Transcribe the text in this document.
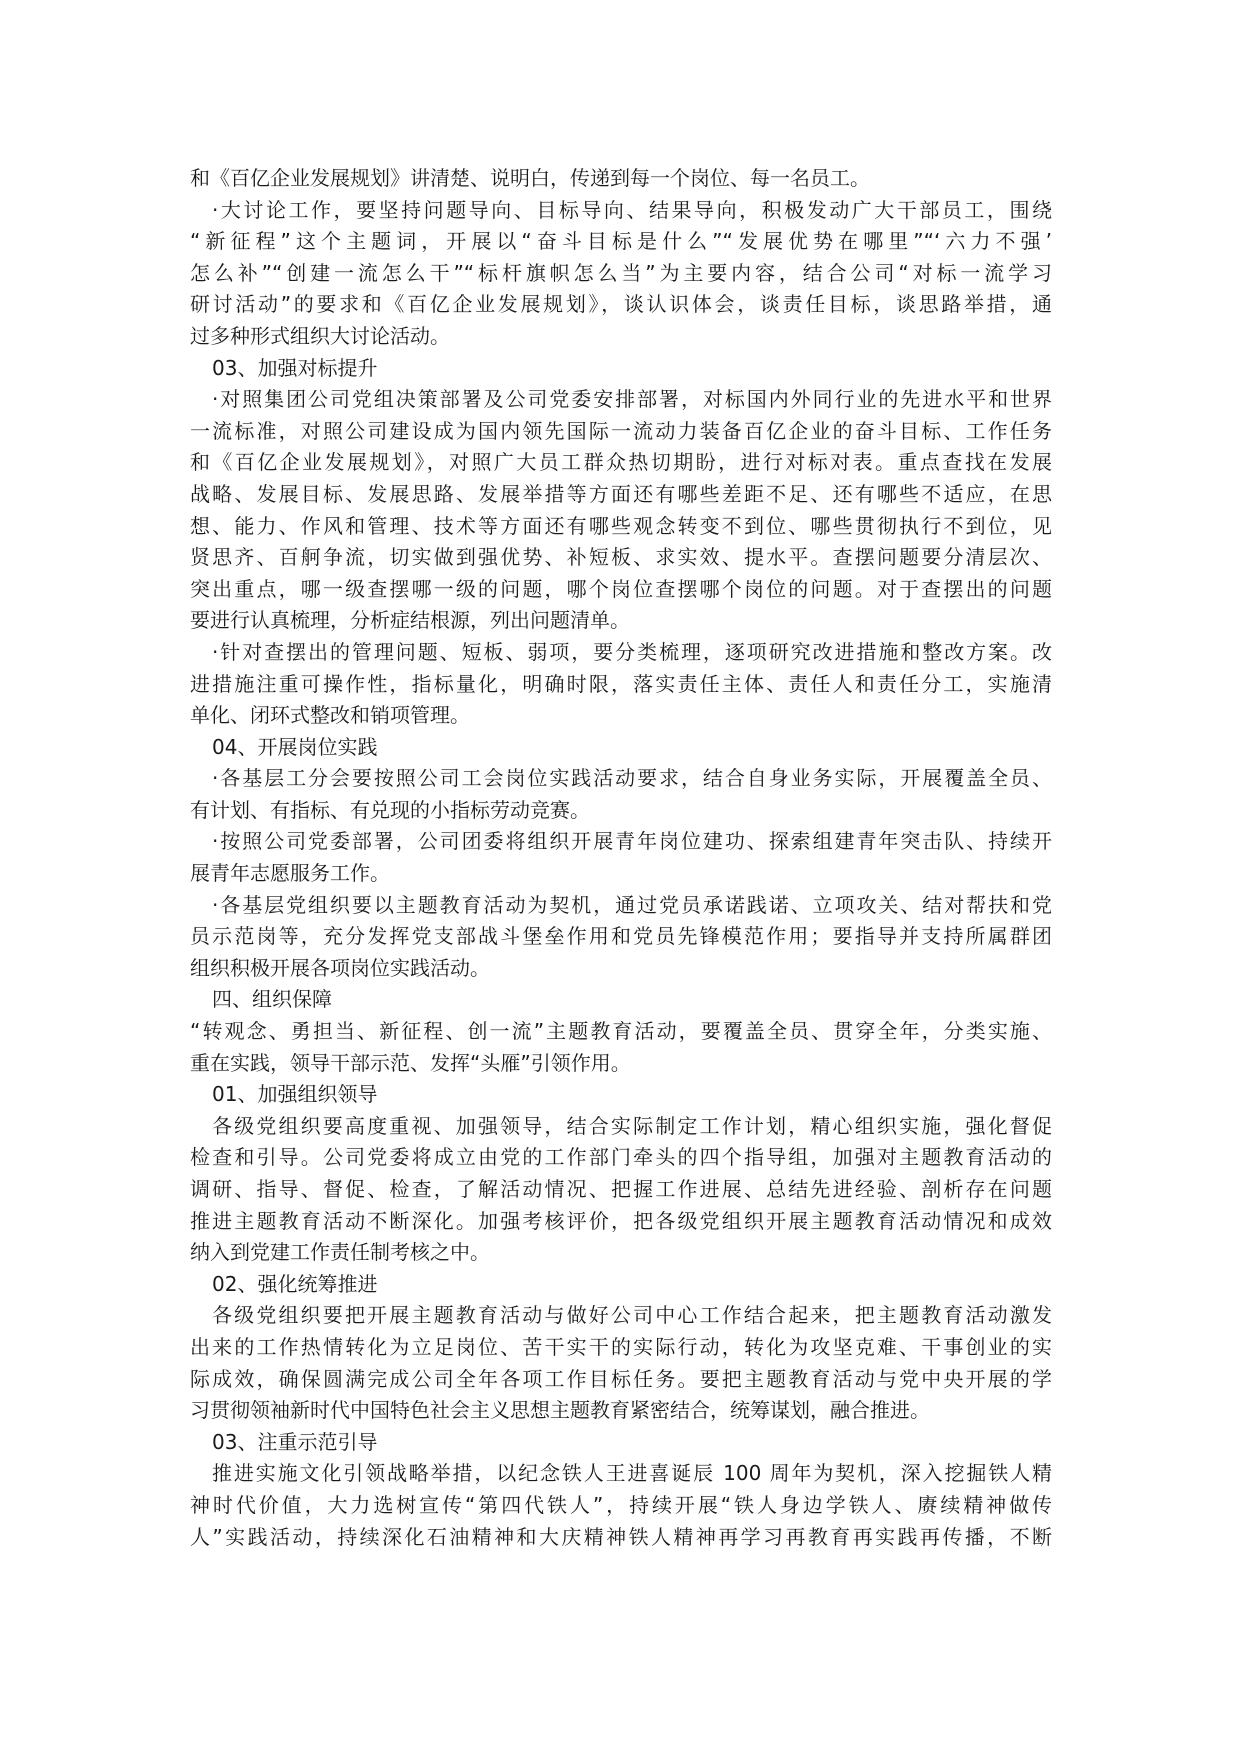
和《百亿企业发展规划》讲清楚、说明白，传递到每一个岗位、每一名员工。
·大讨论工作，要坚持问题导向、目标导向、结果导向，积极发动广大干部员工，围绕
“新征程”这个主题词，开展以“奋斗目标是什么”“发展优势在哪里”“‘六力不强’
怎么补”“创建一流怎么干”“标杆旗帜怎么当”为主要内容，结合公司“对标一流学习
研讨活动”的要求和《百亿企业发展规划》，谈认识体会，谈责任目标，谈思路举措，通
过多种形式组织大讨论活动。
03、加强对标提升
·对照集团公司党组决策部署及公司党委安排部署，对标国内外同行业的先进水平和世界
一流标准，对照公司建设成为国内领先国际一流动力装备百亿企业的奋斗目标、工作任务
和《百亿企业发展规划》，对照广大员工群众热切期盼，进行对标对表。重点查找在发展
战略、发展目标、发展思路、发展举措等方面还有哪些差距不足、还有哪些不适应，在思
想、能力、作风和管理、技术等方面还有哪些观念转变不到位、哪些贯彻执行不到位，见
贤思齐、百舸争流，切实做到强优势、补短板、求实效、提水平。查摆问题要分清层次、
突出重点，哪一级查摆哪一级的问题，哪个岗位查摆哪个岗位的问题。对于查摆出的问题
要进行认真梳理，分析症结根源，列出问题清单。
·针对查摆出的管理问题、短板、弱项，要分类梳理，逐项研究改进措施和整改方案。改
进措施注重可操作性，指标量化，明确时限，落实责任主体、责任人和责任分工，实施清
单化、闭环式整改和销项管理。
04、开展岗位实践
·各基层工分会要按照公司工会岗位实践活动要求，结合自身业务实际，开展覆盖全员、
有计划、有指标、有兑现的小指标劳动竞赛。
·按照公司党委部署，公司团委将组织开展青年岗位建功、探索组建青年突击队、持续开
展青年志愿服务工作。
·各基层党组织要以主题教育活动为契机，通过党员承诺践诺、立项攻关、结对帮扶和党
员示范岗等，充分发挥党支部战斗堡垒作用和党员先锋模范作用；要指导并支持所属群团
组织积极开展各项岗位实践活动。
四、组织保障
“转观念、勇担当、新征程、创一流”主题教育活动，要覆盖全员、贯穿全年，分类实施、
重在实践，领导干部示范、发挥“头雁”引领作用。
01、加强组织领导
各级党组织要高度重视、加强领导，结合实际制定工作计划，精心组织实施，强化督促
检查和引导。公司党委将成立由党的工作部门牵头的四个指导组，加强对主题教育活动的
调研、指导、督促、检查，了解活动情况、把握工作进展、总结先进经验、剖析存在问题
推进主题教育活动不断深化。加强考核评价，把各级党组织开展主题教育活动情况和成效
纳入到党建工作责任制考核之中。
02、强化统筹推进
各级党组织要把开展主题教育活动与做好公司中心工作结合起来，把主题教育活动激发
出来的工作热情转化为立足岗位、苦干实干的实际行动，转化为攻坚克难、干事创业的实
际成效，确保圆满完成公司全年各项工作目标任务。要把主题教育活动与党中央开展的学
习贯彻领袖新时代中国特色社会主义思想主题教育紧密结合，统筹谋划，融合推进。
03、注重示范引导
推进实施文化引领战略举措，以纪念铁人王进喜诞辰 100 周年为契机，深入挖掘铁人精
神时代价值，大力选树宣传“第四代铁人”，持续开展“铁人身边学铁人、赓续精神做传
人”实践活动，持续深化石油精神和大庆精神铁人精神再学习再教育再实践再传播，不断
